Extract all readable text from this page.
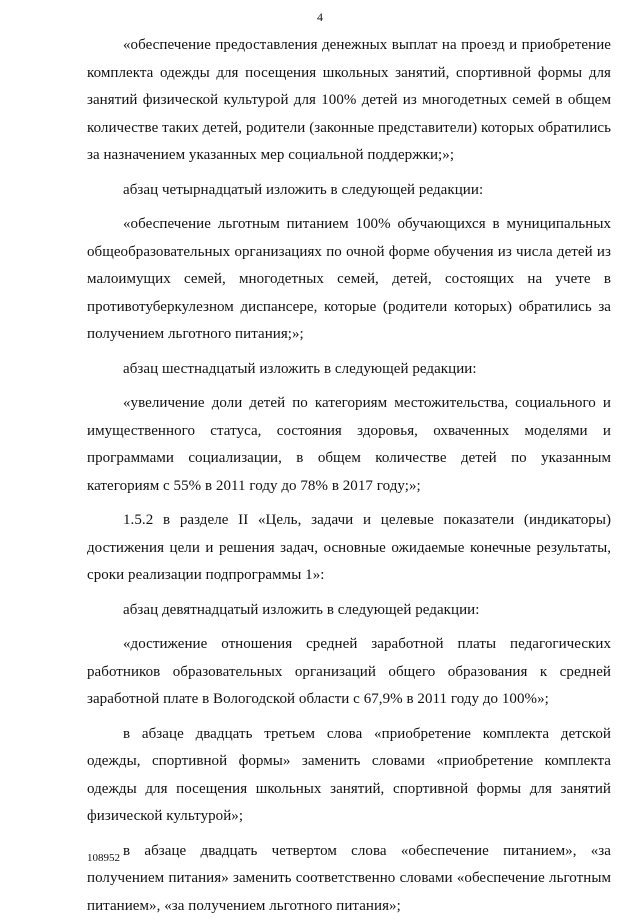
4

«обеспечение предоставления денежных выплат на проезд и приобретение комплекта одежды для посещения школьных занятий, спортивной формы для занятий физической культурой для 100% детей из многодетных семей в общем количестве таких детей, родители (законные представители) которых обратились за назначением указанных мер социальной поддержки;»;

абзац четырнадцатый изложить в следующей редакции:

«обеспечение льготным питанием 100% обучающихся в муниципальных общеобразовательных организациях по очной форме обучения из числа детей из малоимущих семей, многодетных семей, детей, состоящих на учете в противотуберкулезном диспансере, которые (родители которых) обратились за получением льготного питания;»;

абзац шестнадцатый изложить в следующей редакции:

«увеличение доли детей по категориям местожительства, социального и имущественного статуса, состояния здоровья, охваченных моделями и программами социализации, в общем количестве детей по указанным категориям с 55% в 2011 году до 78% в 2017 году;»;

1.5.2 в разделе II «Цель, задачи и целевые показатели (индикаторы) достижения цели и решения задач, основные ожидаемые конечные результаты, сроки реализации подпрограммы 1»:

абзац девятнадцатый изложить в следующей редакции:

«достижение отношения средней заработной платы педагогических работников образовательных организаций общего образования к средней заработной плате в Вологодской области с 67,9% в 2011 году до 100%»;

в абзаце двадцать третьем слова «приобретение комплекта детской одежды, спортивной формы» заменить словами «приобретение комплекта одежды для посещения школьных занятий, спортивной формы для занятий физической культурой»;

в абзаце двадцать четвертом слова «обеспечение питанием», «за получением питания» заменить соответственно словами «обеспечение льготным питанием», «за получением льготного питания»;

108952
